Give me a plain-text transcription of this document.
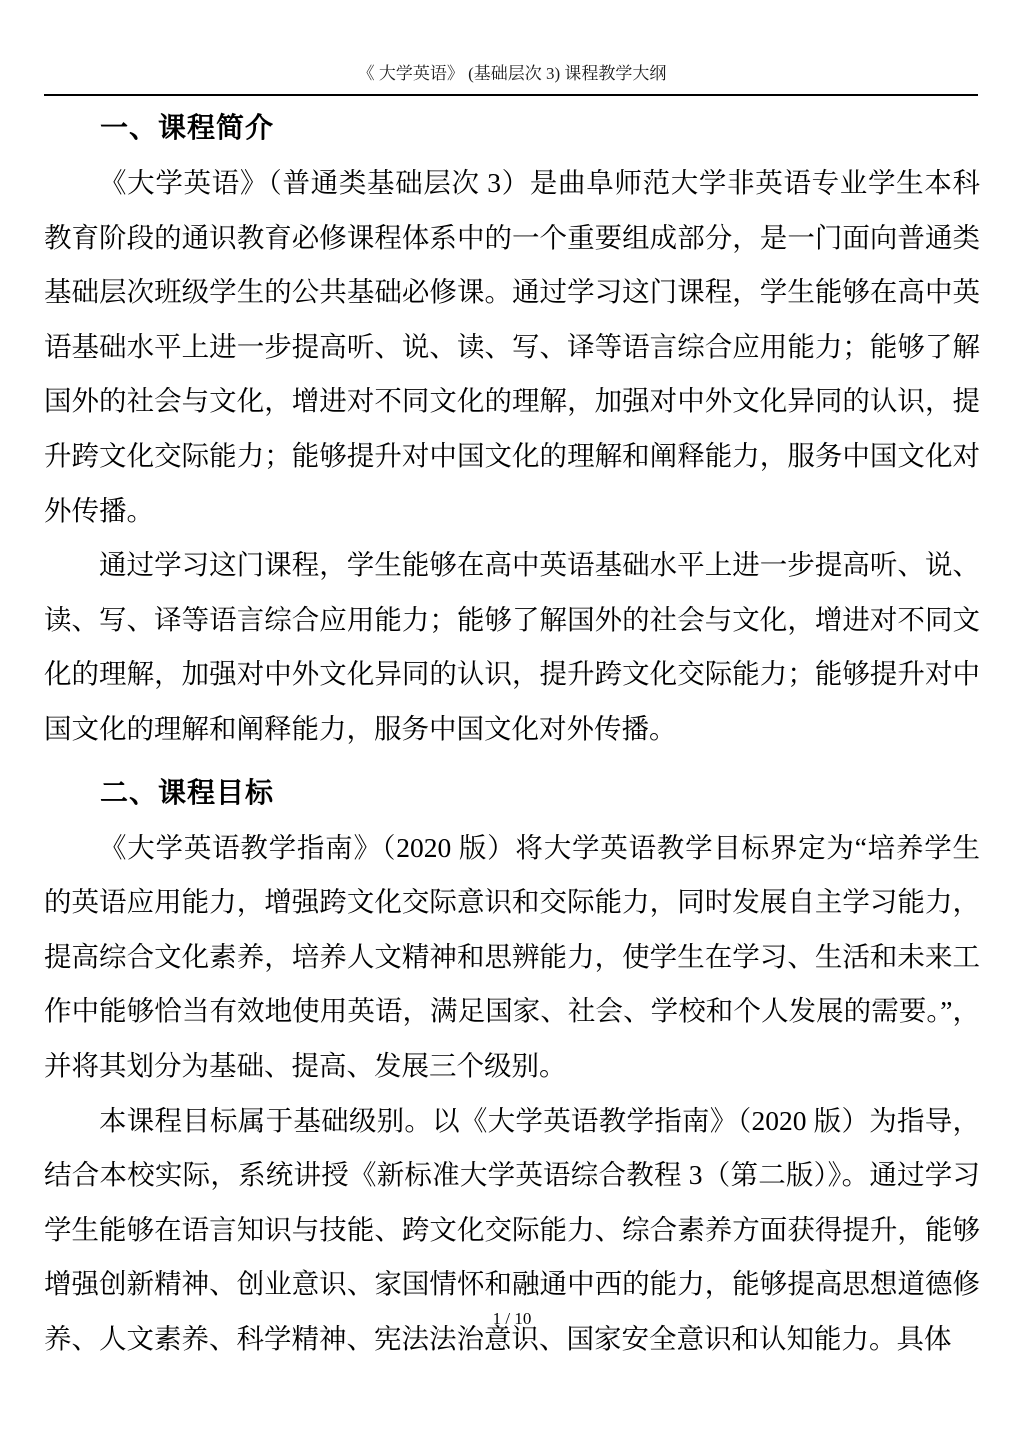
《 大学英语》 (基础层次 3) 课程教学大纲
一、课程简介

《大学英语》（普通类基础层次 3）是曲阜师范大学非英语专业学生本科教育阶段的通识教育必修课程体系中的一个重要组成部分，是一门面向普通类基础层次班级学生的公共基础必修课。通过学习这门课程，学生能够在高中英语基础水平上进一步提高听、说、读、写、译等语言综合应用能力；能够了解国外的社会与文化，增进对不同文化的理解，加强对中外文化异同的认识，提升跨文化交际能力；能够提升对中国文化的理解和阐释能力，服务中国文化对外传播。

通过学习这门课程，学生能够在高中英语基础水平上进一步提高听、说、读、写、译等语言综合应用能力；能够了解国外的社会与文化，增进对不同文化的理解，加强对中外文化异同的认识，提升跨文化交际能力；能够提升对中国文化的理解和阐释能力，服务中国文化对外传播。

二、课程目标

《大学英语教学指南》（2020 版）将大学英语教学目标界定为“培养学生的英语应用能力，增强跨文化交际意识和交际能力，同时发展自主学习能力，提高综合文化素养，培养人文精神和思辨能力，使学生在学习、生活和未来工作中能够恰当有效地使用英语，满足国家、社会、学校和个人发展的需要。”，并将其划分为基础、提高、发展三个级别。

本课程目标属于基础级别。以《大学英语教学指南》（2020 版）为指导，结合本校实际，系统讲授《新标准大学英语综合教程 3（第二版）》。通过学习学生能够在语言知识与技能、跨文化交际能力、综合素养方面获得提升，能够增强创新精神、创业意识、家国情怀和融通中西的能力，能够提高思想道德修养、人文素养、科学精神、宪法法治意识、国家安全意识和认知能力。具体

1 / 10
